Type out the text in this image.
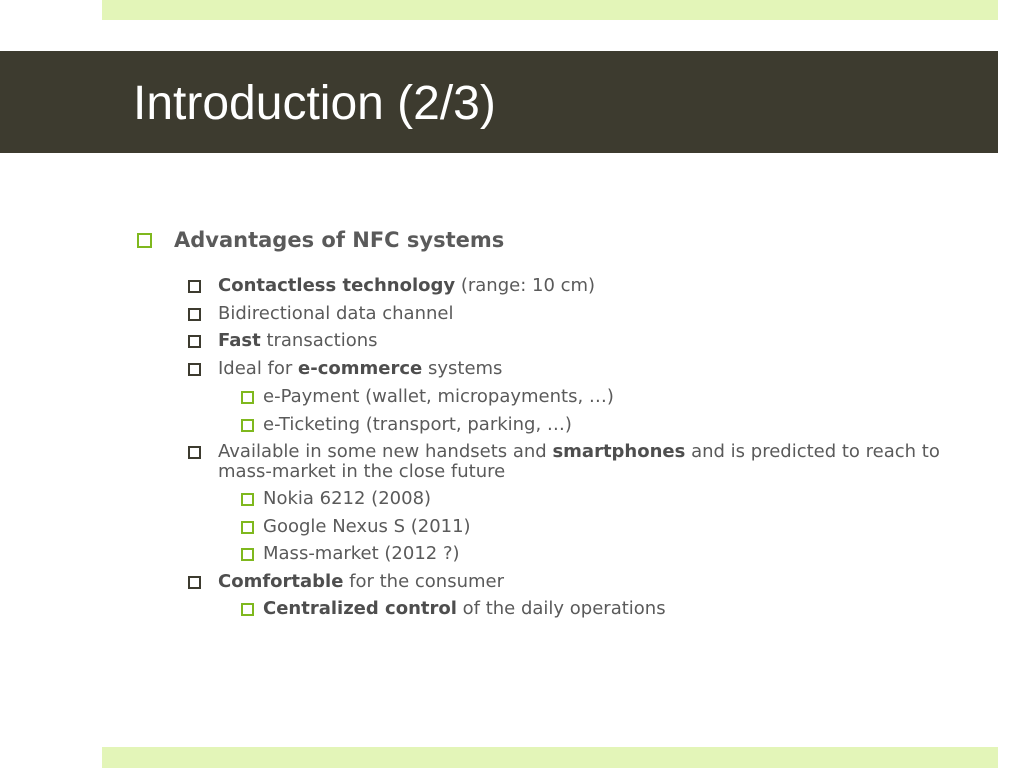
Introduction (2/3)

Advantages of NFC systems

Contactless technology (range: 10 cm)

Bidirectional data channel

Fast transactions

Ideal for e-commerce systems

e-Payment (wallet, micropayments, …)

e-Ticketing (transport, parking, …)

Available in some new handsets and smartphones and is predicted to reach to mass-market in the close future

Nokia 6212 (2008)

Google Nexus S (2011)

Mass-market (2012 ?)

Comfortable for the consumer

Centralized control of the daily operations
